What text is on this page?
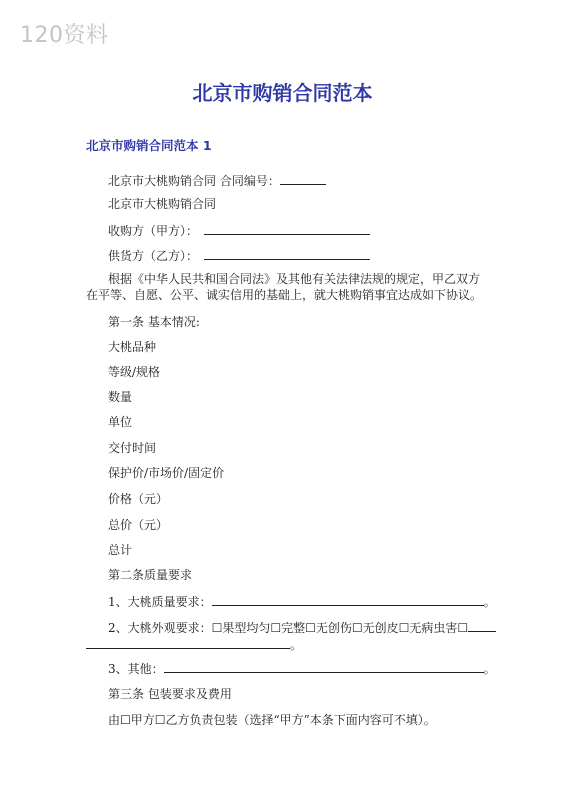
120资料
北京市购销合同范本
北京市购销合同范本 1
北京市大桃购销合同 合同编号：
北京市大桃购销合同
收购方（甲方）：
供货方（乙方）：
根据《中华人民共和国合同法》及其他有关法律法规的规定，甲乙双方在平等、自愿、公平、诚实信用的基础上，就大桃购销事宜达成如下协议。
第一条 基本情况:
大桃品种
等级/规格
数量
单位
交付时间
保护价/市场价/固定价
价格（元）
总价（元）
总计
第二条质量要求
1、大桃质量要求：	。
2、大桃外观要求：☐果型均匀☐完整☐无创伤☐无创皮☐无病虫害☐
。
3、其他：	。
第三条 包装要求及费用
由☐甲方☐乙方负责包装（选择“甲方”本条下面内容可不填）。
